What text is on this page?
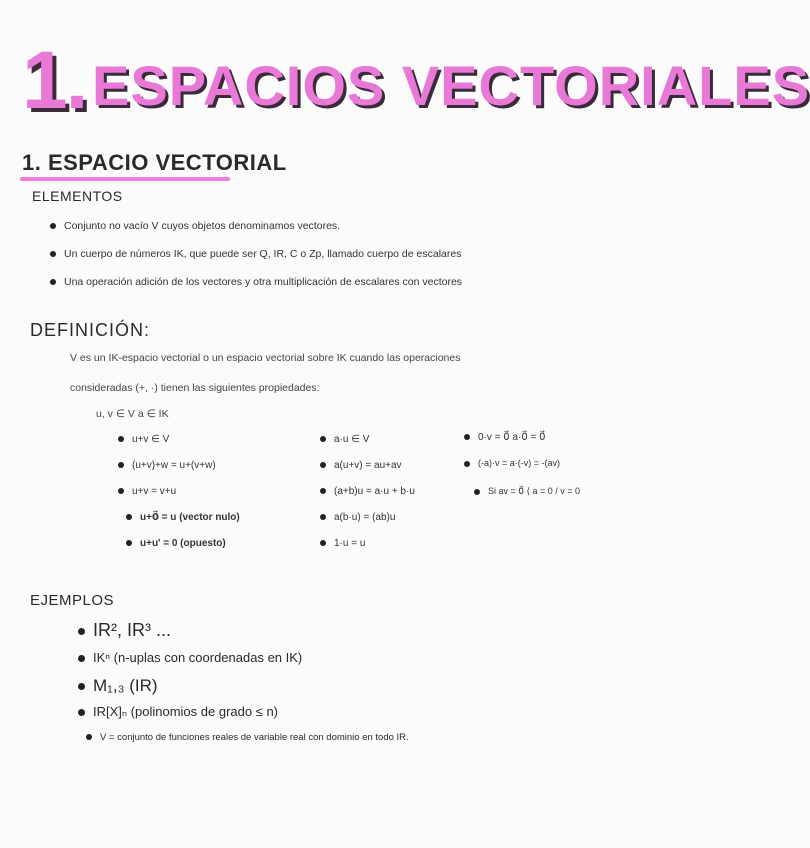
1. ESPACIOS VECTORIALES
1. ESPACIO VECTORIAL
ELEMENTOS
Conjunto no vacío V cuyos objetos denominamos vectores.
Un cuerpo de números IK, que puede ser Q, IR, C o Zp, llamado cuerpo de escalares
Una operación adición de los vectores y otra multiplicación de escalares con vectores
DEFINICIÓN:
V es un IK-espacio vectorial o un espacio vectorial sobre IK cuando las operaciones
consideradas (+, ·) tienen las siguientes propiedades:
u, v ∈ V a ∈ IK
u+v ∈ V
(u+v)+w = u+(v+w)
u+v = v+u
u+0⃗ = u (vector nulo)
u+u' = 0 (opuesto)
a·u ∈ V
a(u+v) = au+av
(a+b)u = a·u + b·u
a(b·u) = (ab)u
1·u = u
0·v = 0⃗ a·0⃗ = 0⃗
(-a)·v = a·(-v) = -(av)
Si av = 0⃗ ⟨ a = 0 / v = 0
EJEMPLOS
IR², IR³ ...
IKⁿ (n-uplas con coordenadas en IK)
M₁,₃ (IR)
IR[X]ₙ (polinomios de grado ≤ n)
V = conjunto de funciones reales de variable real con dominio en todo IR.
